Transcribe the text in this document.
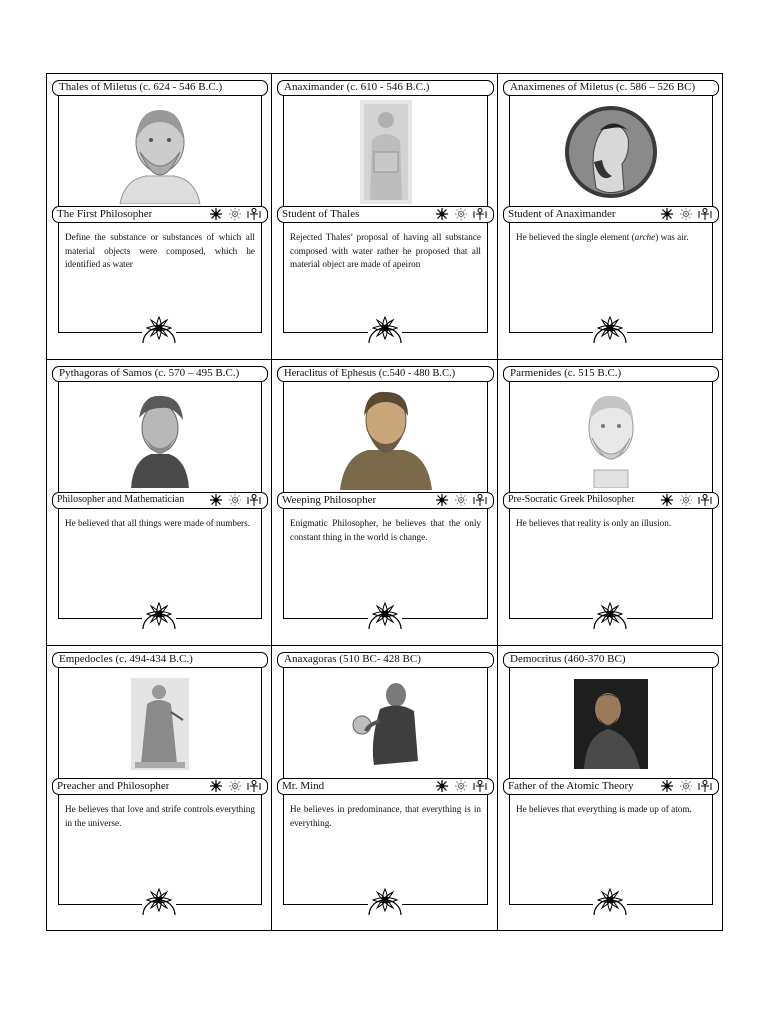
Thales of Miletus (c. 624 - 546 B.C.)
The First Philosopher

Define the substance or substances of which all material objects were composed, which he identified as water

Anaximander (c. 610 - 546 B.C.)
Student of Thales

Rejected Thales’ proposal of having all substance composed with water rather he proposed that all material object are made of apeiron

Anaximenes of Miletus (c. 586 – 526 BC)
Student of Anaximander

He believed the single element (arche) was air.

Pythagoras of Samos (c. 570 – 495 B.C.)
Philosopher and Mathematician

He believed that all things were made of numbers.

Heraclitus of Ephesus (c.540 - 480 B.C.)
Weeping Philosopher

Enigmatic Philosopher, he believes that the only constant thing in the world is change.

Parmenides (c. 515 B.C.)
Pre-Socratic Greek Philosopher

He believes that reality is only an illusion.

Empedocles (c. 494-434 B.C.)
Preacher and Philosopher

He believes that love and strife controls everything in the universe.

Anaxagoras (510 BC- 428 BC)
Mr. Mind

He believes in predominance, that everything is in everything.

Democritus (460-370 BC)
Father of the Atomic Theory

He believes that everything is made up of atom.
